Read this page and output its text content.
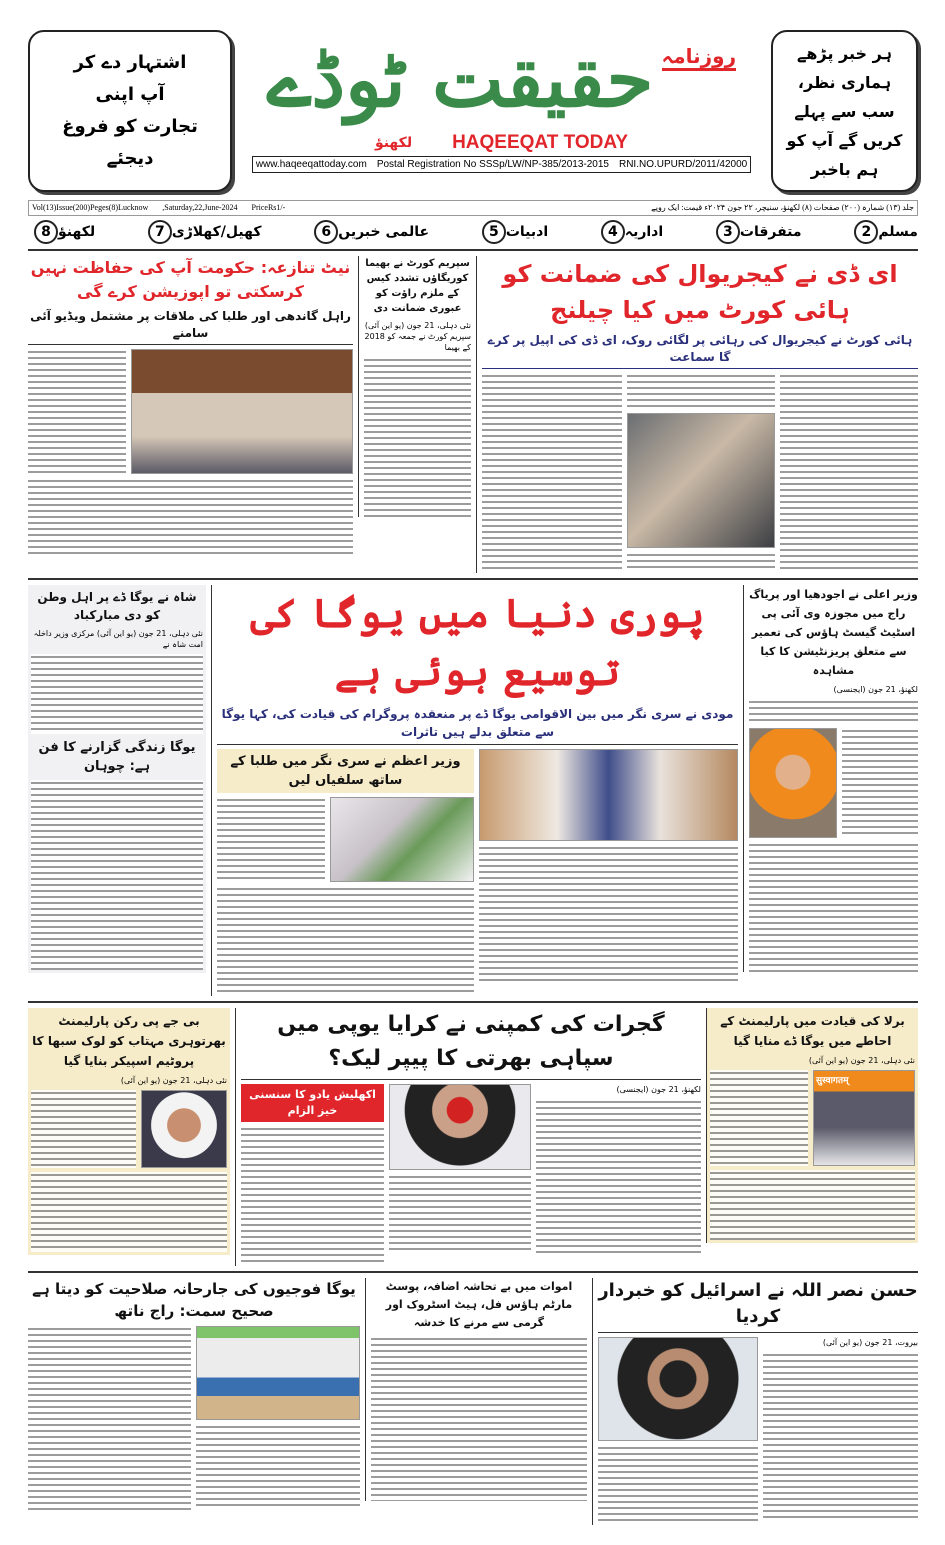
اشتہار دے کر
آپ اپنی
تجارت کو فروغ
دیجئے
حقیقت ٹوڈے روزنامہ
لکھنؤ HAQEEQAT TODAY
www.haqeeqattoday.com Postal Registration No SSSp/LW/NP-385/2013-2015 RNI.NO.UPURD/2011/42000
ہر خبر پڑھے
ہماری نظر،
سب سے پہلے
کریں گے آپ کو
ہم باخبر
Vol(13)Issue(200)Peges(8)Lucknow ,Saturday,22,June-2024 PriceRs1/-	جلد (۱۳) شمارہ (۲۰۰) صفحات (۸) لکھنؤ، سنیچر، ۲۲ جون ۲۰۲۴ء قیمت: ایک روپے
2 مسلم
3 متفرقات
4 اداریہ
5 ادبیات
6 عالمی خبریں
7 کھیل/کھلاڑی
8 لکھنؤ
نیٹ تنازعہ: حکومت آپ کی حفاظت نہیں کرسکتی تو اپوزیشن کرے گی
راہل گاندھی اور طلبا کی ملاقات پر مشتمل ویڈیو آئی سامنے
سپریم کورٹ نے بھیما کوریگاؤں تشدد کیس کے ملزم راؤت کو عبوری ضمانت دی
نئی دہلی، 21 جون (یو این آئی) سپریم کورٹ نے جمعہ کو 2018 کے بھیما
ای ڈی نے کیجریوال کی ضمانت کو ہائی کورٹ میں کیا چیلنج
ہائی کورٹ نے کیجریوال کی رہائی پر لگائی روک، ای ڈی کی اپیل پر کرے گا سماعت
شاہ نے یوگا ڈے پر اہل وطن کو دی مبارکباد
نئی دہلی، 21 جون (یو این آئی) مرکزی وزیر داخلہ امت شاہ نے
یوگا زندگی گزارنے کا فن ہے: چوہان
پوری دنیا میں یوگا کی توسیع ہوئی ہے
مودی نے سری نگر میں بین الاقوامی یوگا ڈے پر منعقدہ پروگرام کی قیادت کی، کہا یوگا سے متعلق بدلے ہیں تاثرات
وزیر اعظم نے سری نگر میں طلبا کے ساتھ سلفیاں لیں
وزیر اعلی نے اجودھیا اور پریاگ راج میں مجوزہ وی آئی پی اسٹیٹ گیسٹ ہاؤس کی تعمیر سے متعلق پریزنٹیشن کا کیا مشاہدہ
لکھنؤ، 21 جون (ایجنسی)
بی جے پی رکن پارلیمنٹ بھرتوہری مہتاب کو لوک سبھا کا پروٹیم اسپیکر بنایا گیا
نئی دہلی، 21 جون (یو این آئی)
گجرات کی کمپنی نے کرایا یوپی میں سپاہی بھرتی کا پیپر لیک؟
اکھلیش یادو کا سنسنی خیز الزام
لکھنؤ، 21 جون (ایجنسی)
برلا کی قیادت میں پارلیمنٹ کے احاطے میں یوگا ڈے منایا گیا
نئی دہلی، 21 جون (یو این آئی)
सुस्वागतम्
یوگا فوجیوں کی جارحانہ صلاحیت کو دیتا ہے صحیح سمت: راج ناتھ
اموات میں بے تحاشہ اضافہ، پوسٹ مارٹم ہاؤس فل، ہیٹ اسٹروک اور گرمی سے مرنے کا خدشہ
حسن نصر اللہ نے اسرائیل کو خبردار کردیا
بیروت، 21 جون (یو این آئی)
